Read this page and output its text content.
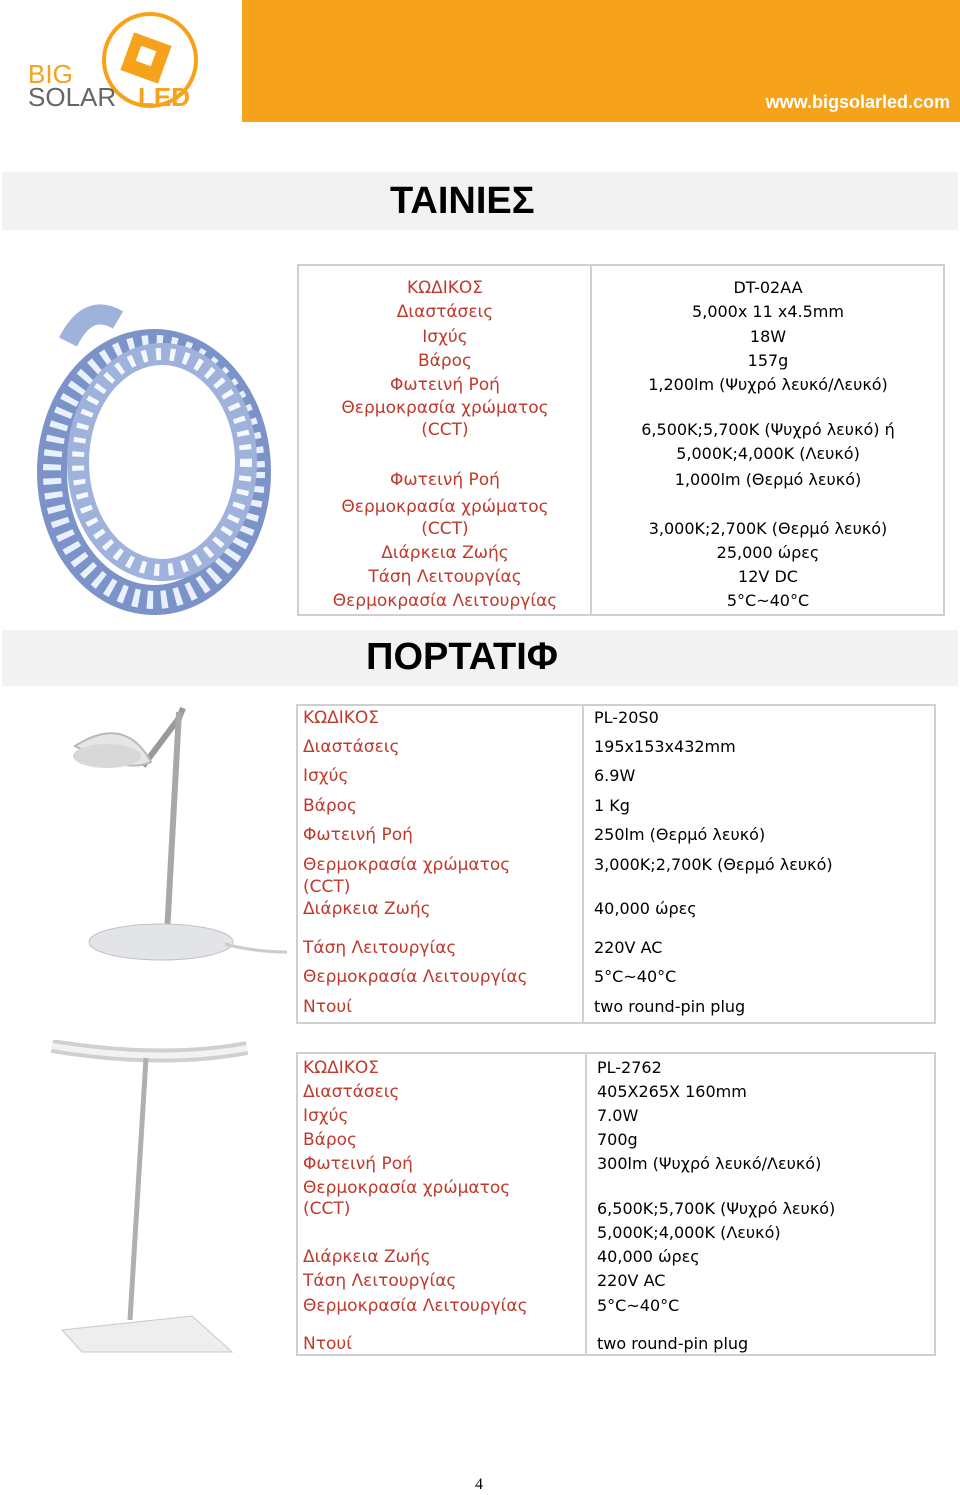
BIG
SOLAR LED	www.bigsolarled.com
ΤΑΙΝΙΕΣ
ΚΩΔΙΚΟΣ
Διαστάσεις
Ισχύς
Βάρος
Φωτεινή Ροή
Θερμοκρασία χρώματος
(CCT)
Φωτεινή Ροή
Θερμοκρασία χρώματος
(CCT)
Διάρκεια Ζωής
Τάση Λειτουργίας
Θερμοκρασία Λειτουργίας
DT-02AA
5,000x 11 x4.5mm
18W
157g
1,200lm (Ψυχρό λευκό/Λευκό)
6,500K;5,700K (Ψυχρό λευκό) ή
5,000K;4,000K (Λευκό)
1,000lm (Θερμό λευκό)
3,000K;2,700K (Θερμό λευκό)
25,000 ώρες
12V DC
5°C~40°C
ΠΟΡΤΑΤΙΦ
ΚΩΔΙΚΟΣ
Διαστάσεις
Ισχύς
Βάρος
Φωτεινή Ροή
Θερμοκρασία χρώματος
(CCT)
Διάρκεια Ζωής
Τάση Λειτουργίας
Θερμοκρασία Λειτουργίας
Ντουί
PL-20S0
195x153x432mm
6.9W
1 Kg
250lm (Θερμό λευκό)
3,000K;2,700K (Θερμό λευκό)
40,000 ώρες
220V AC
5°C~40°C
two round-pin plug
ΚΩΔΙΚΟΣ
Διαστάσεις
Ισχύς
Βάρος
Φωτεινή Ροή
Θερμοκρασία χρώματος
(CCT)
Διάρκεια Ζωής
Τάση Λειτουργίας
Θερμοκρασία Λειτουργίας
Ντουί
PL-2762
405X265X 160mm
7.0W
700g
300lm (Ψυχρό λευκό/Λευκό)
6,500K;5,700K (Ψυχρό λευκό)
5,000K;4,000K (Λευκό)
40,000 ώρες
220V AC
5°C~40°C
two round-pin plug
4
